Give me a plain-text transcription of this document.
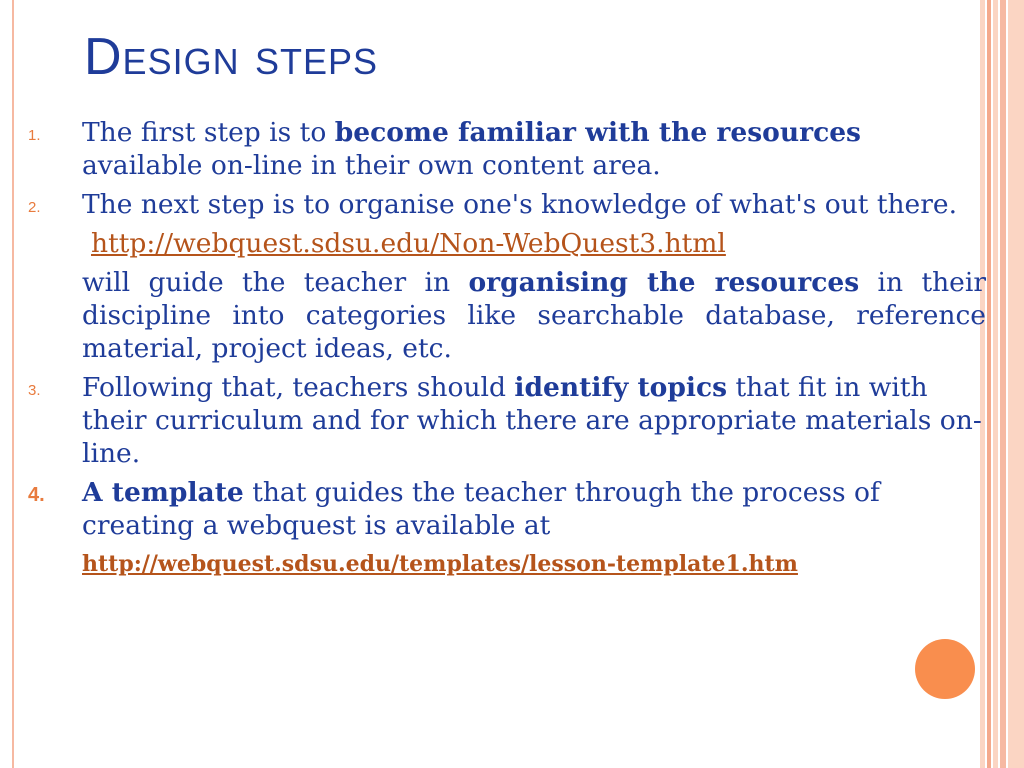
Design steps
1. The first step is to become familiar with the resources available on-line in their own content area.
2. The next step is to organise one's knowledge of what's out there.
http://webquest.sdsu.edu/Non-WebQuest3.html
will guide the teacher in organising the resources in their discipline into categories like searchable database, reference material, project ideas, etc.
3. Following that, teachers should identify topics that fit in with their curriculum and for which there are appropriate materials on-line.
4. A template that guides the teacher through the process of creating a webquest is available at
http://webquest.sdsu.edu/templates/lesson-template1.htm
